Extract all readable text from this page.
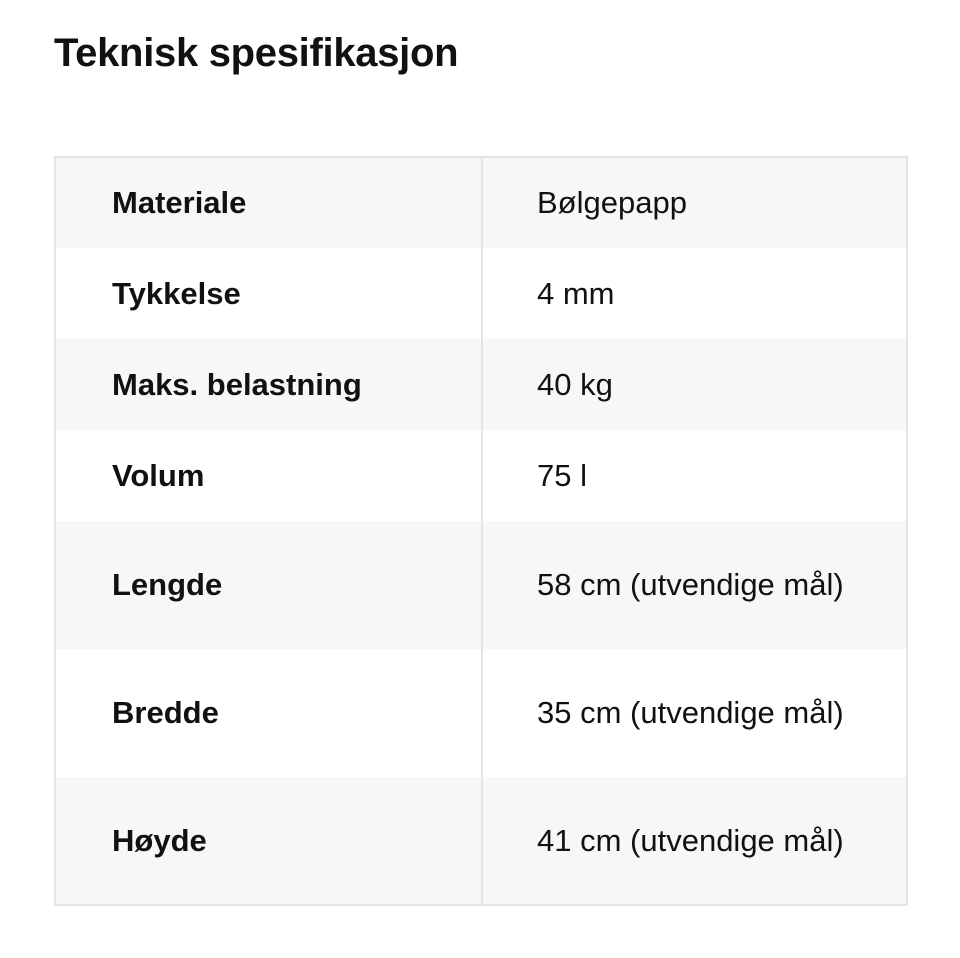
Teknisk spesifikasjon
Materiale	Bølgepapp
Tykkelse	4 mm
Maks. belastning	40 kg
Volum	75 l
Lengde	58 cm (utvendige mål)
Bredde	35 cm (utvendige mål)
Høyde	41 cm (utvendige mål)
